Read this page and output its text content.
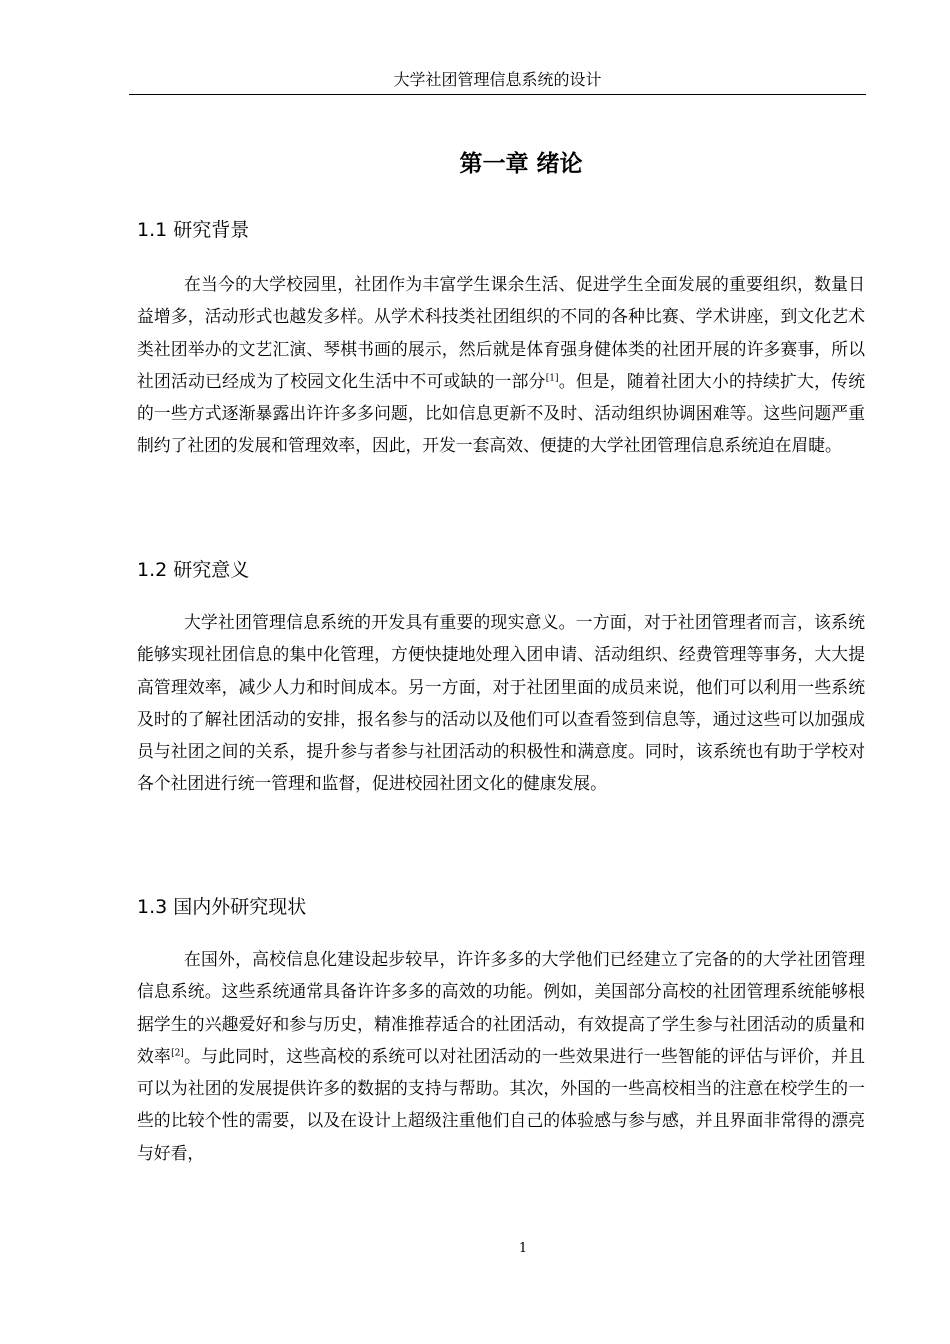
大学社团管理信息系统的设计
第一章 绪论
1.1 研究背景

在当今的大学校园里，社团作为丰富学生课余生活、促进学生全面发展的重要组织，数量日益增多，活动形式也越发多样。从学术科技类社团组织的不同的各种比赛、学术讲座，到文化艺术类社团举办的文艺汇演、琴棋书画的展示，然后就是体育强身健体类的社团开展的许多赛事，所以社团活动已经成为了校园文化生活中不可或缺的一部分[1]。但是，随着社团大小的持续扩大，传统的一些方式逐渐暴露出许许多多问题，比如信息更新不及时、活动组织协调困难等。这些问题严重制约了社团的发展和管理效率，因此，开发一套高效、便捷的大学社团管理信息系统迫在眉睫。

1.2 研究意义

大学社团管理信息系统的开发具有重要的现实意义。一方面，对于社团管理者而言，该系统能够实现社团信息的集中化管理，方便快捷地处理入团申请、活动组织、经费管理等事务，大大提高管理效率，减少人力和时间成本。另一方面，对于社团里面的成员来说，他们可以利用一些系统及时的了解社团活动的安排，报名参与的活动以及他们可以查看签到信息等，通过这些可以加强成员与社团之间的关系，提升参与者参与社团活动的积极性和满意度。同时，该系统也有助于学校对各个社团进行统一管理和监督，促进校园社团文化的健康发展。

1.3 国内外研究现状

在国外，高校信息化建设起步较早，许许多多的大学他们已经建立了完备的的大学社团管理信息系统。这些系统通常具备许许多多的高效的功能。例如，美国部分高校的社团管理系统能够根据学生的兴趣爱好和参与历史，精准推荐适合的社团活动，有效提高了学生参与社团活动的质量和效率[2]。与此同时，这些高校的系统可以对社团活动的一些效果进行一些智能的评估与评价，并且可以为社团的发展提供许多的数据的支持与帮助。其次，外国的一些高校相当的注意在校学生的一些的比较个性的需要，以及在设计上超级注重他们自己的体验感与参与感，并且界面非常得的漂亮与好看，

1
